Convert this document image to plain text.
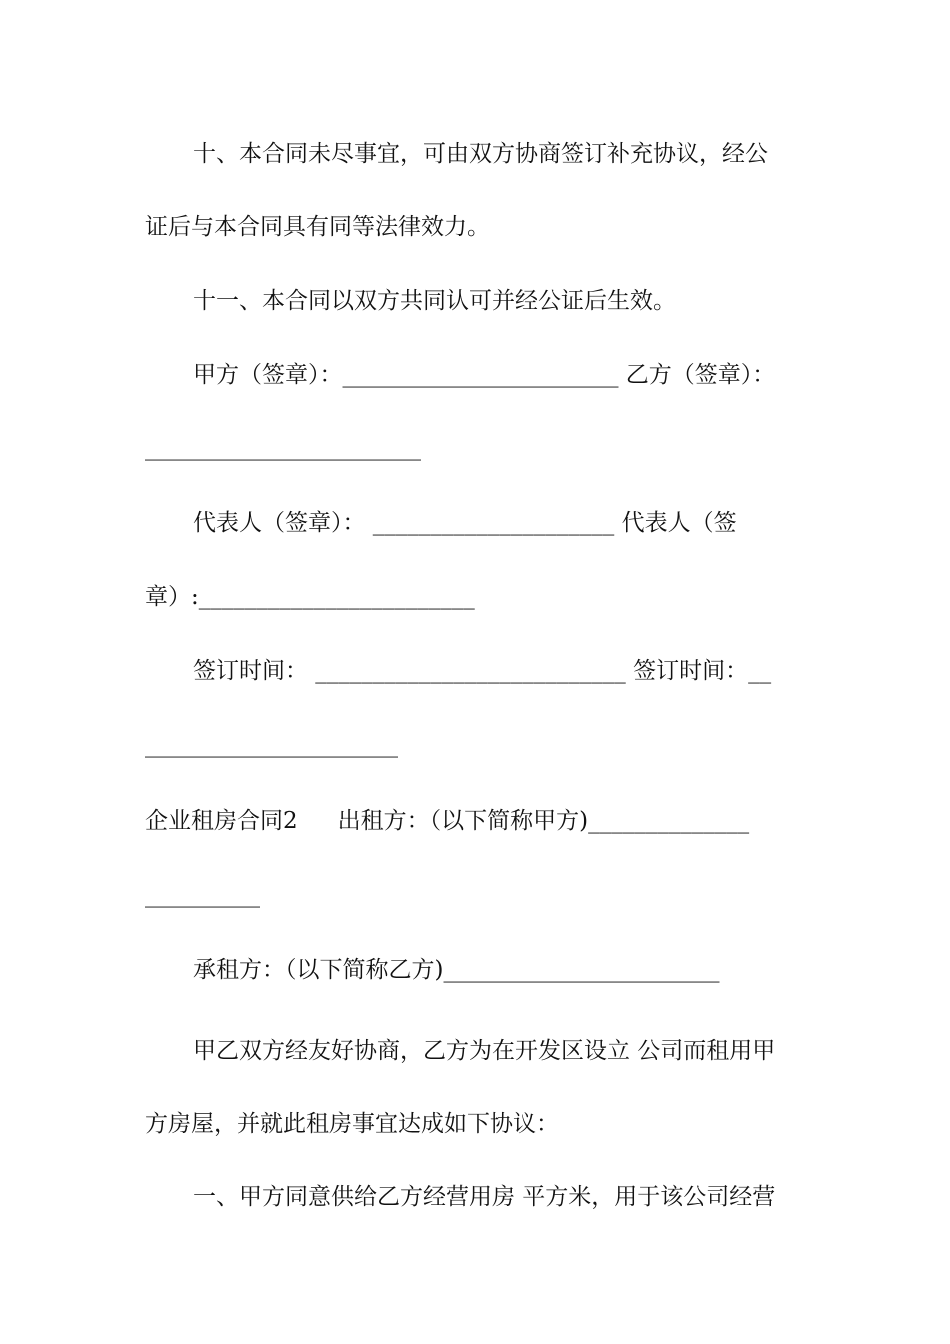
十、本合同未尽事宜，可由双方协商签订补充协议，经公
证后与本合同具有同等法律效力。
十一、本合同以双方共同认可并经公证后生效。
甲方（签章）：________________________ 乙方（签章）：
________________________
代表人（签章）： _____________________ 代表人（签
章）:________________________
签订时间： ___________________________ 签订时间：__
______________________
企业租房合同2 出租方：（以下简称甲方)______________
__________
承租方：（以下简称乙方)________________________
甲乙双方经友好协商，乙方为在开发区设立 公司而租用甲
方房屋，并就此租房事宜达成如下协议：
一、甲方同意供给乙方经营用房 平方米，用于该公司经营
